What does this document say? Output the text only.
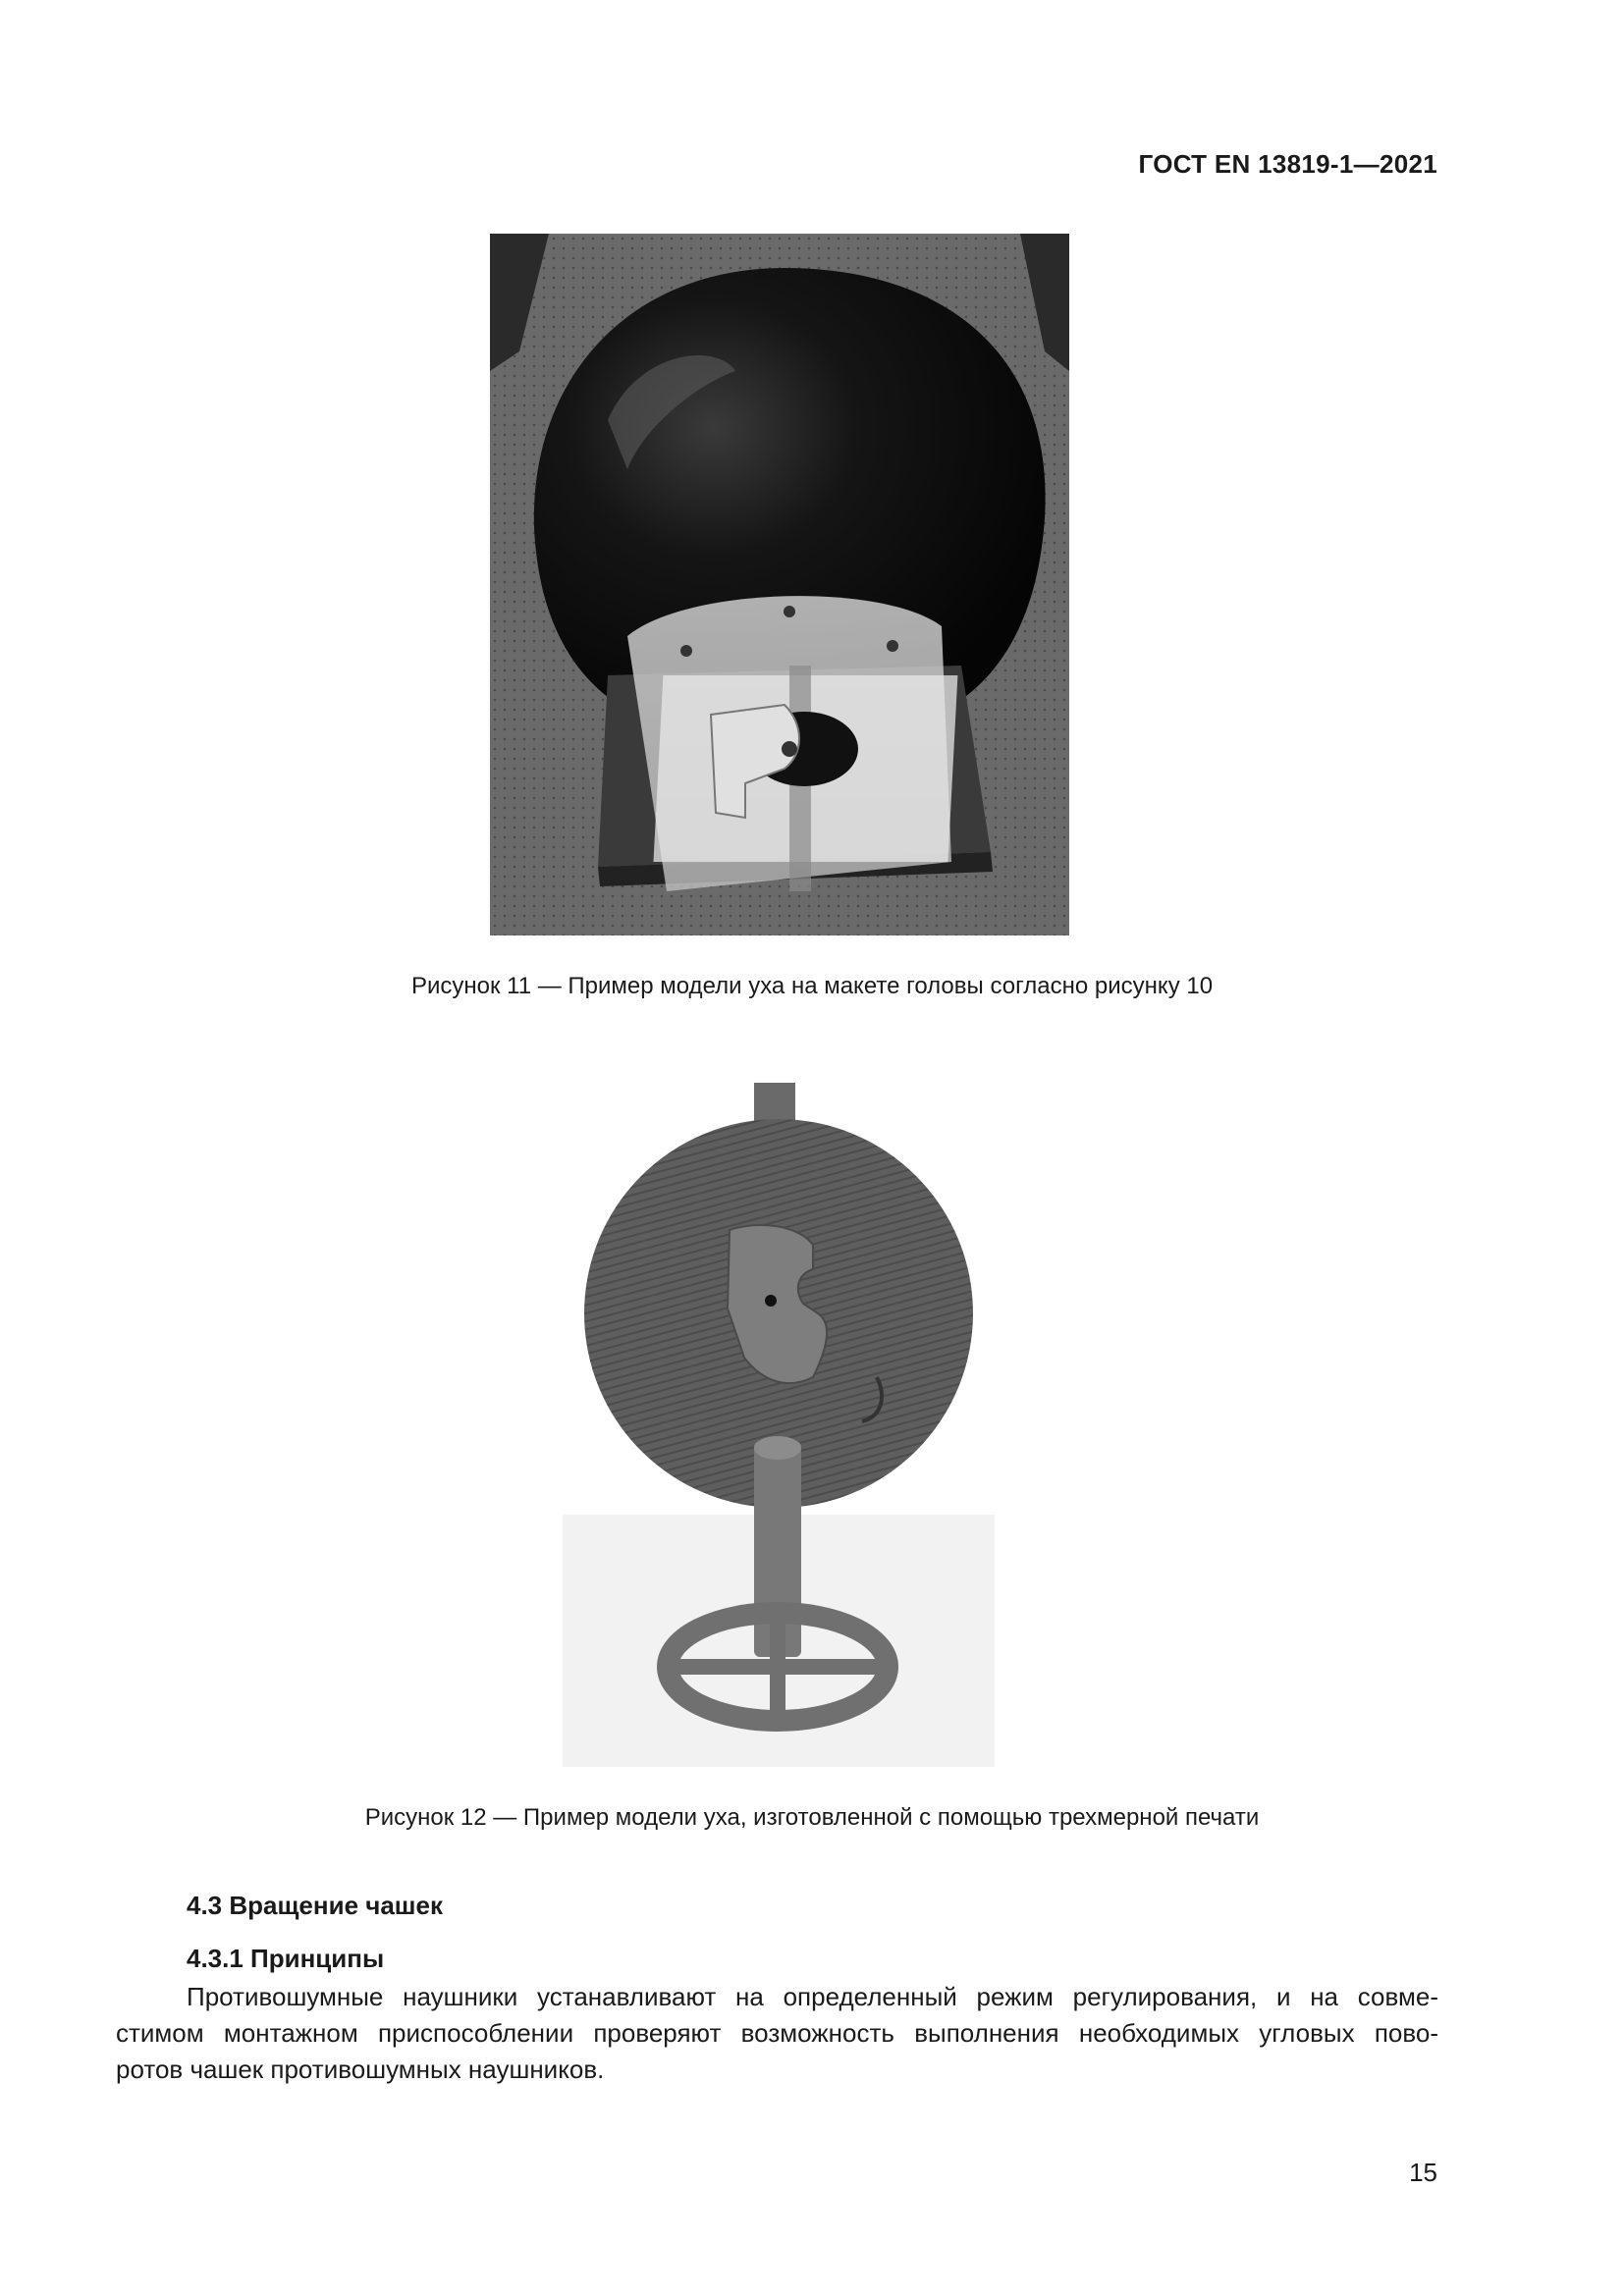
ГОСТ EN 13819-1—2021
Рисунок 11 — Пример модели уха на макете головы согласно рисунку 10
Рисунок 12 — Пример модели уха, изготовленной с помощью трехмерной печати
4.3 Вращение чашек
4.3.1 Принципы
Противошумные наушники устанавливают на определенный режим регулирования, и на совме-
стимом монтажном приспособлении проверяют возможность выполнения необходимых угловых пово-
ротов чашек противошумных наушников.
15
